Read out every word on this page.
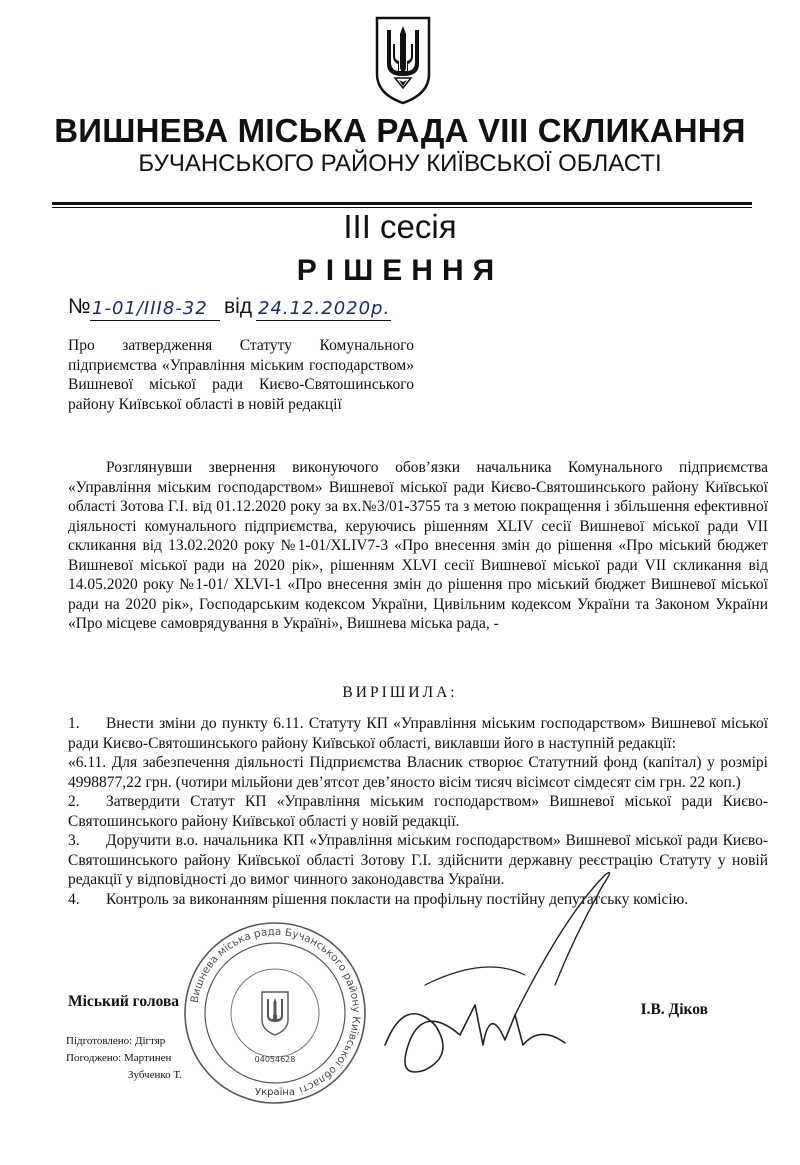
ВИШНЕВА МІСЬКА РАДА VIII СКЛИКАННЯ
БУЧАНСЬКОГО РАЙОНУ КИЇВСЬКОЇ ОБЛАСТІ
ІІІ сесія
РІШЕННЯ
№ 1-01/ІІІ8-32 від 24.12.2020р.
Про затвердження Статуту Комунального підприємства «Управління міським господарством» Вишневої міської ради Києво-Святошинського району Київської області в новій редакції
Розглянувши звернення виконуючого обов’язки начальника Комунального підприємства «Управління міським господарством» Вишневої міської ради Києво-Святошинського району Київської області Зотова Г.І. від 01.12.2020 року за вх.№3/01-3755 та з метою покращення і збільшення ефективної діяльності комунального підприємства, керуючись рішенням XLIV сесії Вишневої міської ради VII скликання від 13.02.2020 року №1-01/XLIV7-3 «Про внесення змін до рішення «Про міський бюджет Вишневої міської ради на 2020 рік», рішенням XLVI сесії Вишневої міської ради VII скликання від 14.05.2020 року №1-01/ XLVI-1 «Про внесення змін до рішення про міський бюджет Вишневої міської ради на 2020 рік», Господарським кодексом України, Цивільним кодексом України та Законом України «Про місцеве самоврядування в Україні», Вишнева міська рада, -
ВИРІШИЛА:

1. Внести зміни до пункту 6.11. Статуту КП «Управління міським господарством» Вишневої міської ради Києво-Святошинського району Київської області, виклавши його в наступній редакції:

«6.11. Для забезпечення діяльності Підприємства Власник створює Статутний фонд (капітал) у розмірі 4998877,22 грн. (чотири мільйони дев’ятсот дев’яносто вісім тисяч вісімсот сімдесят сім грн. 22 коп.)

2. Затвердити Статут КП «Управління міським господарством» Вишневої міської ради Києво-Святошинського району Київської області у новій редакції.

3. Доручити в.о. начальника КП «Управління міським господарством» Вишневої міської ради Києво-Святошинського району Київської області Зотову Г.І. здійснити державну реєстрацію Статуту у новій редакції у відповідності до вимог чинного законодавства України.

4. Контроль за виконанням рішення покласти на профільну постійну депутатську комісію.

Міський голова	І.В. Діков
Підготовлено: Дігтяр
Погоджено: Мартинен
Зубченко Т.
Вишнева міська рада Бучанського району Київської області
Україна
04054628
